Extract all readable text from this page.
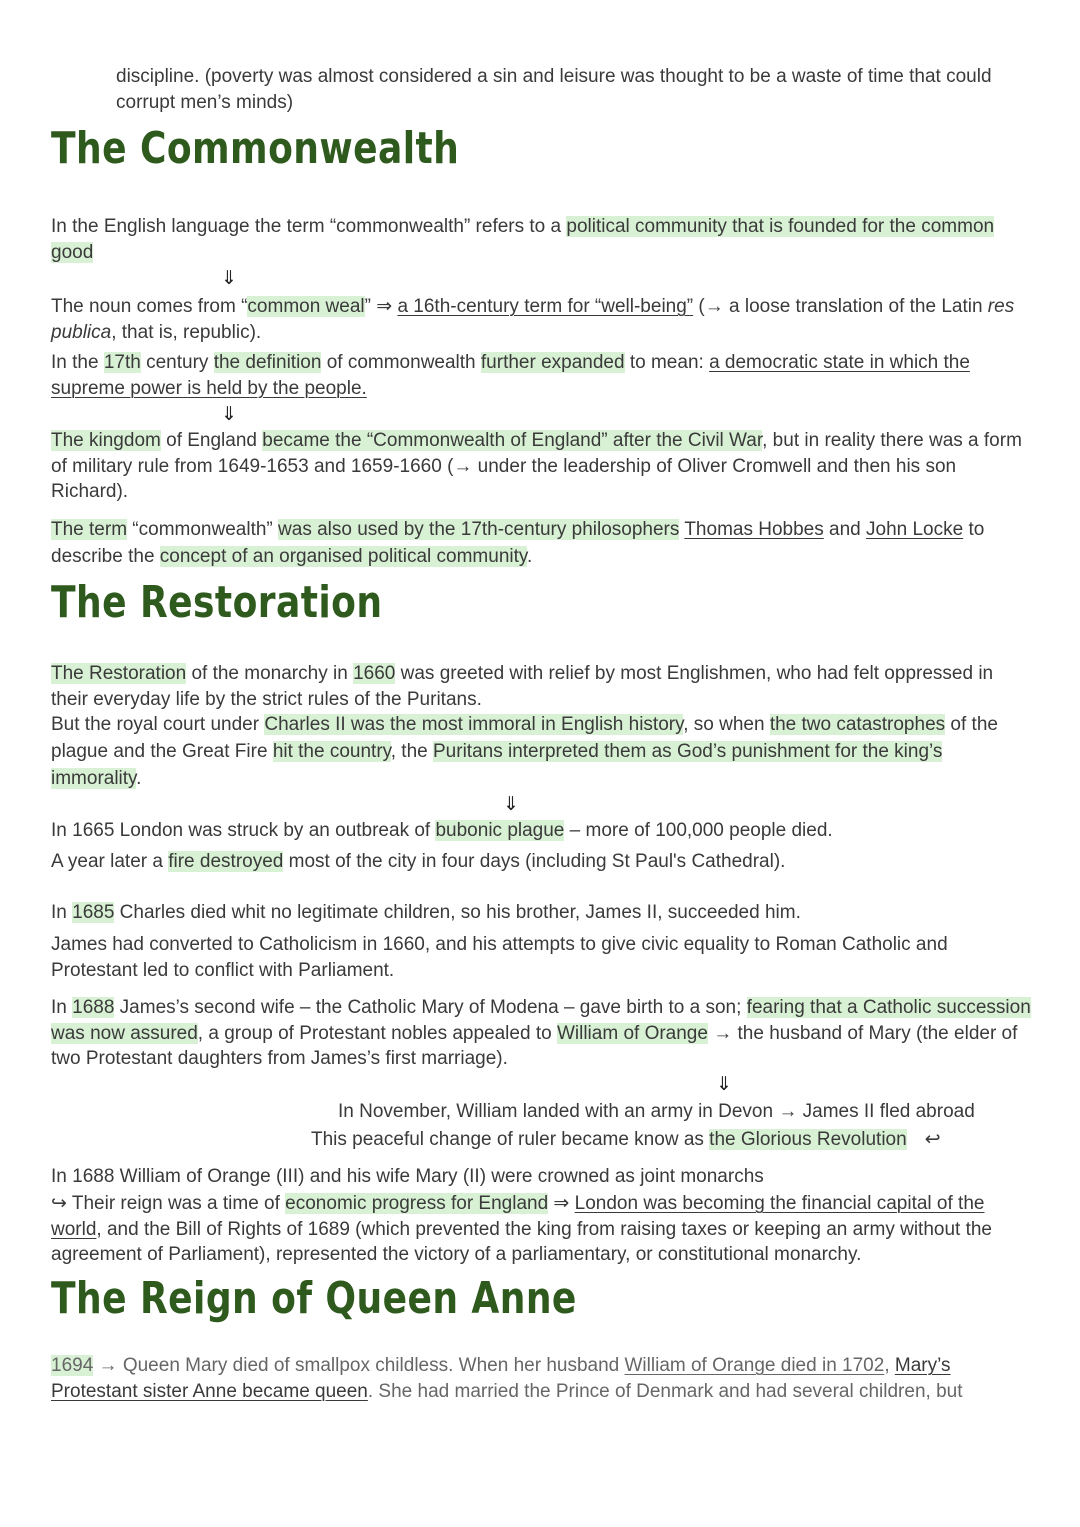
discipline. (poverty was almost considered a sin and leisure was thought to be a waste of time that could corrupt men’s minds)

The Commonwealth

In the English language the term “commonwealth” refers to a political community that is founded for the common good

⇓

The noun comes from “common weal” ⇒ a 16th-century term for “well-being” (→ a loose translation of the Latin res publica, that is, republic).

In the 17th century the definition of commonwealth further expanded to mean: a democratic state in which the supreme power is held by the people.

⇓

The kingdom of England became the “Commonwealth of England” after the Civil War, but in reality there was a form of military rule from 1649-1653 and 1659-1660 (→ under the leadership of Oliver Cromwell and then his son Richard).

The term “commonwealth” was also used by the 17th-century philosophers Thomas Hobbes and John Locke to describe the concept of an organised political community.

The Restoration

The Restoration of the monarchy in 1660 was greeted with relief by most Englishmen, who had felt oppressed in their everyday life by the strict rules of the Puritans.

But the royal court under Charles II was the most immoral in English history, so when the two catastrophes of the plague and the Great Fire hit the country, the Puritans interpreted them as God’s punishment for the king’s immorality.

⇓

In 1665 London was struck by an outbreak of bubonic plague – more of 100,000 people died.

A year later a fire destroyed most of the city in four days (including St Paul's Cathedral).

In 1685 Charles died whit no legitimate children, so his brother, James II, succeeded him.

James had converted to Catholicism in 1660, and his attempts to give civic equality to Roman Catholic and Protestant led to conflict with Parliament.

In 1688 James’s second wife – the Catholic Mary of Modena – gave birth to a son; fearing that a Catholic succession was now assured, a group of Protestant nobles appealed to William of Orange → the husband of Mary (the elder of two Protestant daughters from James’s first marriage).

⇓

In November, William landed with an army in Devon → James II fled abroad

This peaceful change of ruler became know as the Glorious Revolution ↩

In 1688 William of Orange (III) and his wife Mary (II) were crowned as joint monarchs

↪ Their reign was a time of economic progress for England ⇒ London was becoming the financial capital of the world, and the Bill of Rights of 1689 (which prevented the king from raising taxes or keeping an army without the agreement of Parliament), represented the victory of a parliamentary, or constitutional monarchy.

The Reign of Queen Anne

1694 → Queen Mary died of smallpox childless. When her husband William of Orange died in 1702, Mary’s Protestant sister Anne became queen. She had married the Prince of Denmark and had several children, but
